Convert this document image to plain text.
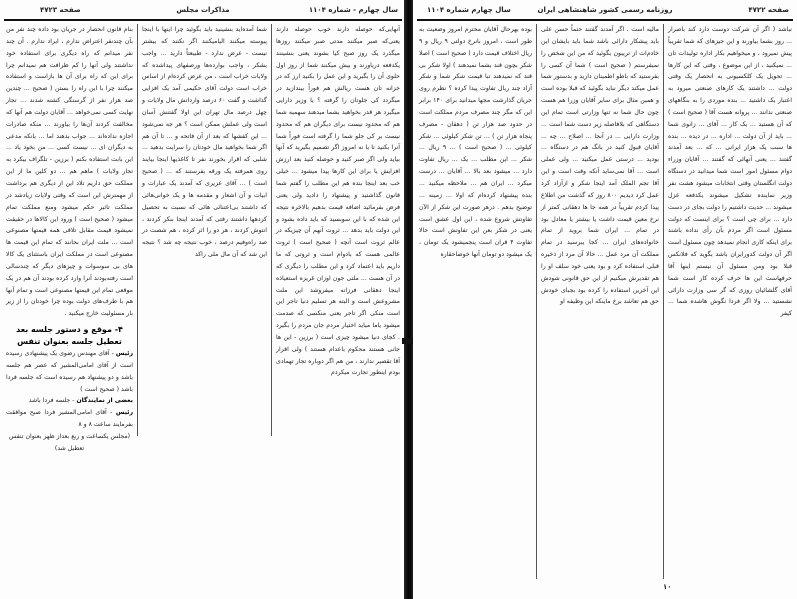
سال چهارم - شماره ۱۱۰۴
مذاکرات مجلس
صفحه ۴۷۲۳

آنهایی‌که حوصله دارند خوب حوصله دارند یعنی‌که صبر میکنند مدتی صبر میکنند روزها میگذرد یک روز صبح کیا بشوند یعنی بنشینند یکدفعه دریاورند و بیش میکنند شما از روز اول حلوی آن را بگیرید و این عمل را بکنید ارز که در خزانه تان هست ریالش هم فوراً بیندازید در میگردد کی جلوتان را گرفته ؟ یا وزیر دارایی میگیرد هر قدر بخواهید بشما میدهند سهمیه شما هم که محدود نیست برای دیگران هم که محدود نیست بر کی جلو شما را گرفته است فوراً شما آنرا بکنید تا یا نه امروز اگر تصمیم بگیرید که آنها بیاید ولی اگر صبر کنید و حوصله کنید بعد ارزش افزایش یا برای این کارها پیدا میشود ... خیلی خب بعد اینجا بنده هم این مطلب را گفتم شما قانون گذاشتید و پیشنهاد را دادید ولی یعنی فرض بفرمائید اضافه قیمت بدهیم بالاخره نتیجه این شده که با این سوبسید که باید داده بشود و این دولت باید بدهد ... ثروت آنهم آن چیزیکه در عالم ثروت است آنچه ( صحیح است ) ثروت عالمی هست که بادوام است و ثروتی که ما داریم باید اعتماد کرد و این مطلب را دیگری که در آن هست ... ملتی جون اوزان غریزه استعیاذه اینجا دهقانی فرزانه میفروشد این ملت مشروعش است و البته هر تسلیم دنیا تاجر این است منکی اگر تاجر یعنی منکسی که صدمت میشود یاما میاید اختیار مردم جان مردم را بگیرد . کجای دنیا میشود چیزی است ( برزین - این ها جانی هستند محکوم باعدام هستند ) ولی اقرار آقا تقصیر ندارند ، من هم اگر دوباره تجار تهمادی بودم اینطور تجارت میکردم

شما آمده‌اید بنشینید باید بگوئید چرا اینها با اینجا پیوسته میکنند الیامیکنند اگر نکنند که بیشتر نیست - عرض ندارد - طبیعتاً دارید ... واجب بشکر ، واجب بوارده‌ها ورصفهای پیداشده که ولایات خراب است ، من عرض کرده‌ام از اساس خراب است دولت آقای حکیمی آمد یک افزایی گذاشت و گفت ۶۰ درصد وارداتش مال ولایات و چهل درصد مال تهران این اولا گفتنش آسان است ولی عملش ممکن است ؟ هر جه نمی‌شود ... این کفشها که بعد از آن فاتحه و ... تا آن هم اگر شما بخواهید مال خودتان را سرایت بدهید ... شلبی که اقرار بخورند نفر تا کاغذیها اینجا بیایند روی همرفته یک ورقه بفرستند که ... ( صحیح است ) ... آقای عزیری که آمدند یک عبارات و ابیات و آن اشعار و مقدمه ها و یک خوانی‌هائی که داشتند بی‌اعتنائی هائی که نسبت به تحصیل کردهها داشتند رفتی که آمدند اینجا بنکر کردند ، انتوش کردند ، هر دو را اثر کرده ، هم شصت در صد راه‌وفیم درصد ، خوب نتیجه چه شد ؟ نتیجه این شد که آن مال ملی راکد

بنام قانون انحصار در جریان بود داده چند نفر من بآن چندنفر اعتراض ندارم ، ایراد ندارم . آن چند نفر میدانم که راه دیگری برای استفاده خود نداشتند ولی آنها را کم ظرافت هم نمیدانم چرا برای این که راه برای آن ها بازاست و استفاده میکنند چرا با این راه را بستن ( صحیح ... چندین صد هزار نفر از گرسنگی کشته شدند ... تجار نهایت کسی نمی‌خواهد ... آقایان دولت هم آنها که مخالفت کردند آن‌ها را بیاورند ... منکه صادرات اجازه نداده‌اند ... جواب بدهند اما ... بانکه مدعی به دیگران ای ... نیست کسی ... من بخود یاد ... این بابت استفاده بکنم ( برزین - تلگراف بیکرد به تجار ولایات ) ماهم هم ... دو کلین ما از این مملکت حق داریم تلاد این از دیگری هم برداشت از مهمترش این است که وقتی ولایات زیادشد در مملکت تاثیر حکم میشود ومنع مملکت تمام میشود ( صحیح است ) ورود این کالاها در حقیقت نمیشود قیمت مقابل تلاقی همه قیمتها مصنوعی است ... ملت ایران بحانند که تمام این قیمت ها مصنوعی است در مملکت ایران باستثنای یک کالا های بی سوسوات و چیزهای دیگر که چندسالی است رفته‌بودند آنرا وارد کرده بودند آن هم در یک موقعی تمام این قیمتها مصنوعی است و تمام آنها هم با طرف‌های دولت بوده چرا خودتان را از زیر بار مسئولیت خارج میکنید .

۴- موقع و دستور جلسه بعد
تعطیل جلسه بعنوان تنفس

رئیس - آقای مهندس رضوی یک پیشنهادی رسیده است از آقای امامی‌المشیر که عصر هم جلسه باشد و دو پیشنهاد هم رسیده است که جلسه فردا باشد ( صحیح است )

بعضی از نمایندگان - جلسه فردا باشد

رئیس - آقای امامی‌المشیر فردا صبح موافقت بفرمایند ساعت ۸ و ۸

(مجلس یکساعت و ربع بعداز ظهر بعنوان تنفس تعطیل شد)

صفحه ۴۷۲۲
روزنامه رسمی کشور شاهنشاهی ایران
سال چهارم شماره ۱۱۰۴

نباشد ( اگر آن شرکت دوست دارد کند باصرار ... روز بشما بیاورند و این جیزهای که شما تقریباً پیش نمیرود ، و میخواهیم بکار اداره تولیدات تان ... نمیکنید ، از این موضوع ، وقتی که این کارها ... تحویل یک کلکسیونی به انحصار یک وقتی دولت ... داشتند یک کارهای صنعتی میرود به اعتبار یک داشتید ... بنده موردی را به بنگاههای صنعتی ندانند ... پروانه هست آقا ( صحیح است ) که آن هستید ... یک کار ... آقای ... زانوی شما ... باید از آن دولت ... اداره ... در دیده ... بنده ها سبب یک هزار ایرانی ... که ... بعد آمدند گفتند ... یعنی آنهائی که گفتند ... آقایان وزراء دوام مسئول امور است شما میدانید در دستگاه دولت انگلستان وقتی انتخابات میشود هشت نفر وزیر نماینده تشکیل میشوند یکدفعه عزل میشوند ... حدیث داشتیم را دولت بجای در دست دارد ... برای چی است ؟ برای اینست که دولت مسئول است اگر مردم بآن رأی نداده باشند برای اینکه کاری انجام نمیدهد چون مسئول است اگر آن دولت کدورایران باشد بگوید که فلانکس قبلا بود ومن مسئول آن نیستم اینها آقا حرفهاست این ها حرف کرده کار است شما آقای گلشائیان روزی که گر سی وزارت دارائی نشستید ... ولا اگر فردا نگوش هاشده شما ... کیفر

مالیه است . اگر آمدند گفتند حتماً حسن علی باید پیشکار دارائی باشد شما باید بایشان این خادم‌ات از تریبون بگوئید که من این شخص را نمیفرستم ( صحیح است ) شما آن کسی را بفرستید که باطو اطمینان دارید و بدستور شما عمل میکند دیگر نباید بگوئید که قبلا بوده است و همین مثال برای سایر آقایان وزرا هم هست چون حال شما نه تنها وزارتی است تمام این دستگاهی که بلافاصله زیر دست شما است ... وزارت دارایی ... در آنجا ... اصلاح ... چه ... آقایان قبول کنید در بانگ هم در دستگاه ... بودید ... درستی عمل میکنید ... ولی عملی است ... آقا نمی‌ساید آنکه وقت است و این آقا تجم الملک آمد اینجا شکر و ازآزاد کرد عمل کرد دیدیم ۸۰۰ روز که گذشت من اطلاع پیدا کردم تقریباً در همه جا ها دهقانی کمتر از نرخ معین قیمت داشت یا بیشتر یا معادل بود در تمام ... ایران شما بروید از تمام خانواده‌های ایران ... کجا یبرسید در تمام مملکت آن مرد عمل ... حالا آن مرد از ذخیره قبلی استفاده کرد و بود یعنی خود سلف او را هم تقدیرش میکنیم از این حق قانونی شودش این آخرین استفاده را کرده بود بجبای خودش حق هم تعاشد برخ ماینکه این وظیفه او

بوده بهرحال آقایان محترم امروز وضعیت به طور است ، امروز بانرخ دولتی ۹ ریال و ۹ ریال اختلاف قیمت دارد ( صحیح است ) اصلا شکر بچون قند بشما نمیدهند ) اولا شکر بی قند که نمیدهند تبا قیمت شکر شما و شکر آزاد چند ریال تفاوت پیدا کرده ؟ نظرم روی جریان گذارشت مجها میدانید برای ۱۴۰ برابر این که مگر چند مصرف مردم مملکت است در حدود صد هزار تن ( دهقان - مصرف پنجاه هزار تن ) ... تن شکر کیلوئی ... شکر کیلوئی ... ( صحیح است ) ... ۹ ریال ... شکر ... این مطلب ... یک ... ریال تفاوت دارد ... میشود بعد بالا ... آقایان ... درست میکرد ... ایران هم ... ملاحظه میکنید ... بنده پیشنهاد کرده‌ام که اولا ... زمینه ... توضیح بدهم . درهر صورت این شکر از الآن تفاوتش شروع شده ، این اول عشق است یعنی در شکر بعن این تفاوتش است حالا تفاوت ۴ قران است پنجمیشود یک تومان ، یک میشود دو تومان آنها خوصاحقاره

۱۰
